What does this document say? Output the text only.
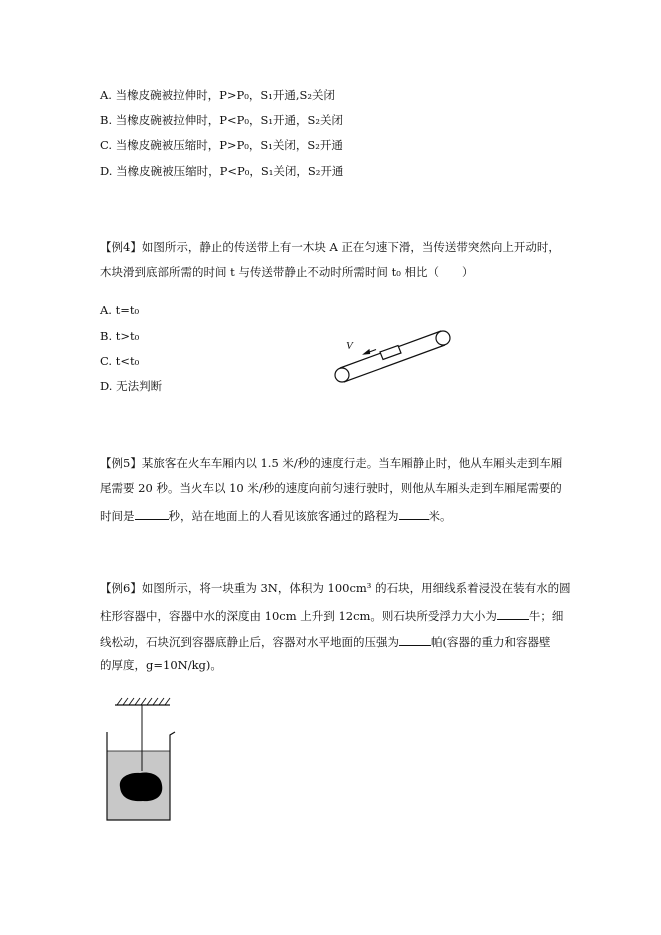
A. 当橡皮碗被拉伸时，P>P₀，S₁开通,S₂关闭
B. 当橡皮碗被拉伸时，P<P₀，S₁开通，S₂关闭
C. 当橡皮碗被压缩时，P>P₀，S₁关闭，S₂开通
D. 当橡皮碗被压缩时，P<P₀，S₁关闭，S₂开通
【例4】如图所示，静止的传送带上有一木块 A 正在匀速下滑，当传送带突然向上开动时，
木块滑到底部所需的时间 t 与传送带静止不动时所需时间 t₀ 相比（　　）
A. t=t₀
B. t>t₀
C. t<t₀
D. 无法判断
V
【例5】某旅客在火车车厢内以 1.5 米/秒的速度行走。当车厢静止时，他从车厢头走到车厢
尾需要 20 秒。当火车以 10 米/秒的速度向前匀速行驶时，则他从车厢头走到车厢尾需要的
时间是	秒，站在地面上的人看见该旅客通过的路程为	米。
【例6】如图所示，将一块重为 3N，体积为 100cm³ 的石块，用细线系着浸没在装有水的圆
柱形容器中，容器中水的深度由 10cm 上升到 12cm。则石块所受浮力大小为	牛；细
线松动，石块沉到容器底静止后，容器对水平地面的压强为	帕(容器的重力和容器壁
的厚度，g=10N/kg)。
